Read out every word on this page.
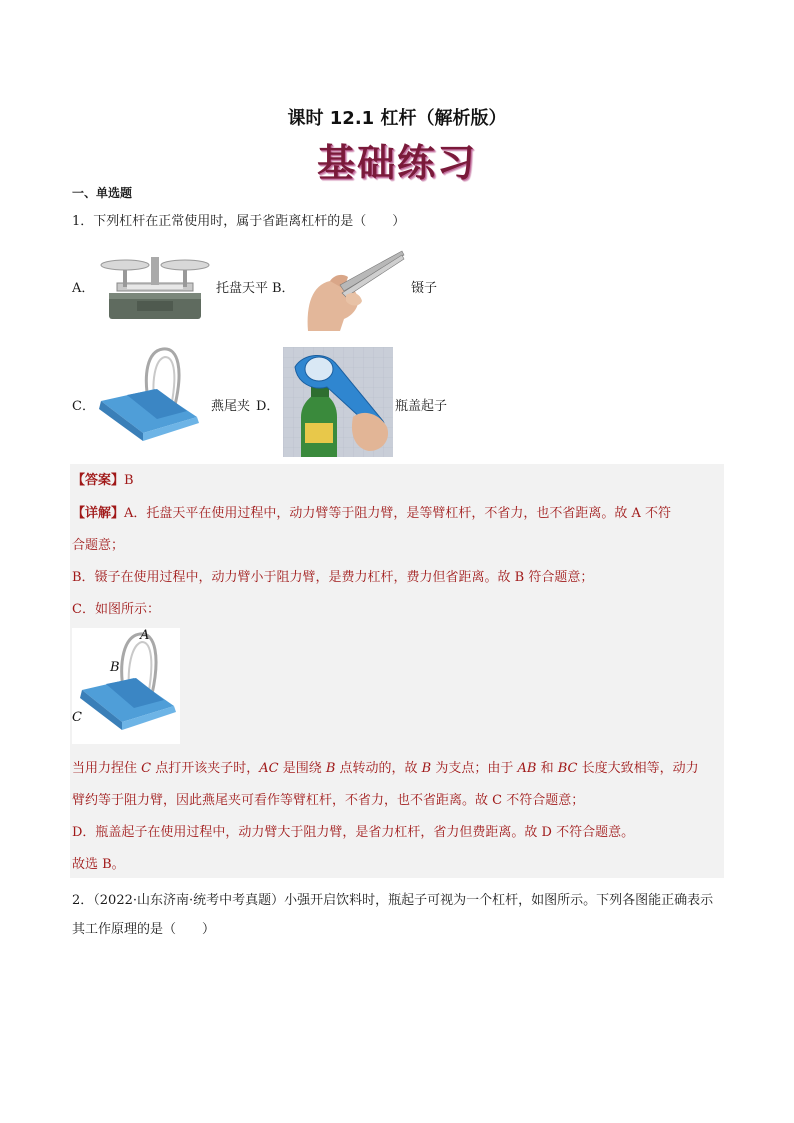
课时 12.1 杠杆（解析版）
基础练习
一、单选题
1．下列杠杆在正常使用时，属于省距离杠杆的是（　　）
A．	托盘天平 B．	镊子
C．	燕尾夹 D．	瓶盖起子
【答案】B
【详解】A．托盘天平在使用过程中，动力臂等于阻力臂，是等臂杠杆，不省力，也不省距离。故 A 不符
合题意；
B．镊子在使用过程中，动力臂小于阻力臂，是费力杠杆，费力但省距离。故 B 符合题意；
C．如图所示：
A
B
C
当用力捏住 C 点打开该夹子时，AC 是围绕 B 点转动的，故 B 为支点；由于 AB 和 BC 长度大致相等，动力
臂约等于阻力臂，因此燕尾夹可看作等臂杠杆，不省力，也不省距离。故 C 不符合题意；
D．瓶盖起子在使用过程中，动力臂大于阻力臂，是省力杠杆，省力但费距离。故 D 不符合题意。
故选 B。
2．（2022·山东济南·统考中考真题）小强开启饮料时，瓶起子可视为一个杠杆，如图所示。下列各图能正确表示其工作原理的是（　　）
